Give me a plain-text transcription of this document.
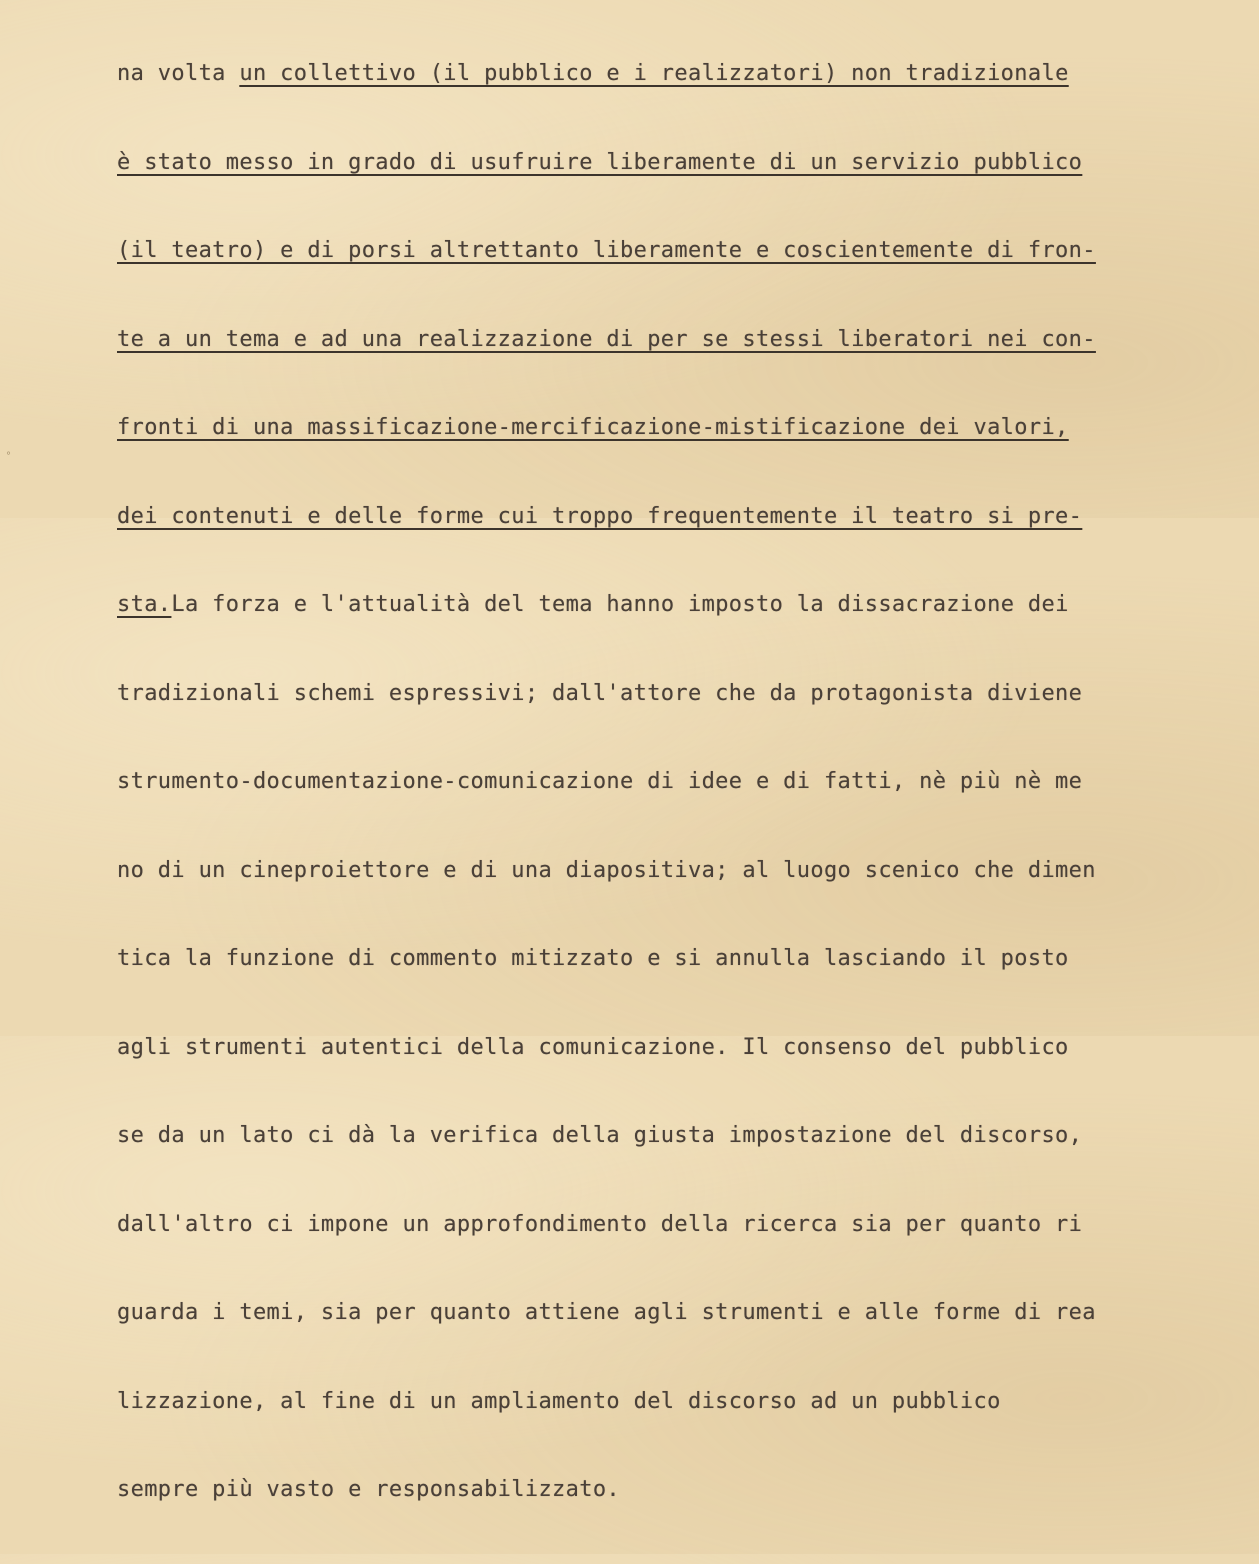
°

na volta un collettivo (il pubblico e i realizzatori) non tradizionale

è stato messo in grado di usufruire liberamente di un servizio pubblico

(il teatro) e di porsi altrettanto liberamente e coscientemente di fron-

te a un tema e ad una realizzazione di per se stessi liberatori nei con-

fronti di una massificazione-mercificazione-mistificazione dei valori,

dei contenuti e delle forme cui troppo frequentemente il teatro si pre-

sta.La forza e l'attualità del tema hanno imposto la dissacrazione dei

tradizionali schemi espressivi; dall'attore che da protagonista diviene

strumento-documentazione-comunicazione di idee e di fatti, nè più nè me

no di un cineproiettore e di una diapositiva; al luogo scenico che dimen

tica la funzione di commento mitizzato e si annulla lasciando il posto

agli strumenti autentici della comunicazione. Il consenso del pubblico

se da un lato ci dà la verifica della giusta impostazione del discorso,

dall'altro ci impone un approfondimento della ricerca sia per quanto ri

guarda i temi, sia per quanto attiene agli strumenti e alle forme di rea

lizzazione, al fine di un ampliamento del discorso ad un pubblico

sempre più vasto e responsabilizzato.
